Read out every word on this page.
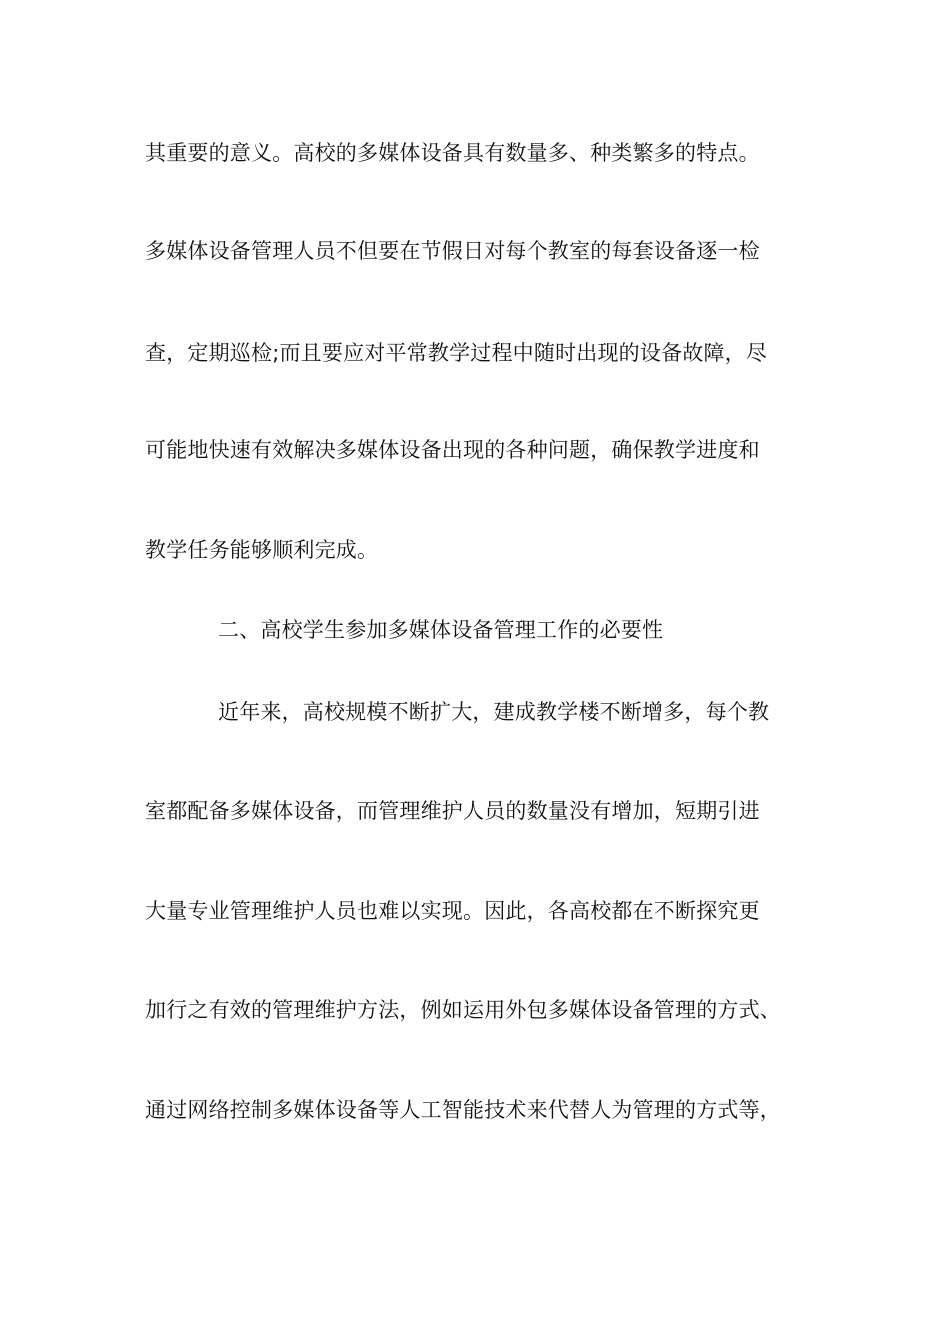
其重要的意义。高校的多媒体设备具有数量多、种类繁多的特点。
多媒体设备管理人员不但要在节假日对每个教室的每套设备逐一检
查，定期巡检;而且要应对平常教学过程中随时出现的设备故障，尽
可能地快速有效解决多媒体设备出现的各种问题，确保教学进度和
教学任务能够顺利完成。
二、高校学生参加多媒体设备管理工作的必要性
近年来，高校规模不断扩大，建成教学楼不断增多，每个教
室都配备多媒体设备，而管理维护人员的数量没有增加，短期引进
大量专业管理维护人员也难以实现。因此，各高校都在不断探究更
加行之有效的管理维护方法，例如运用外包多媒体设备管理的方式、
通过网络控制多媒体设备等人工智能技术来代替人为管理的方式等，
